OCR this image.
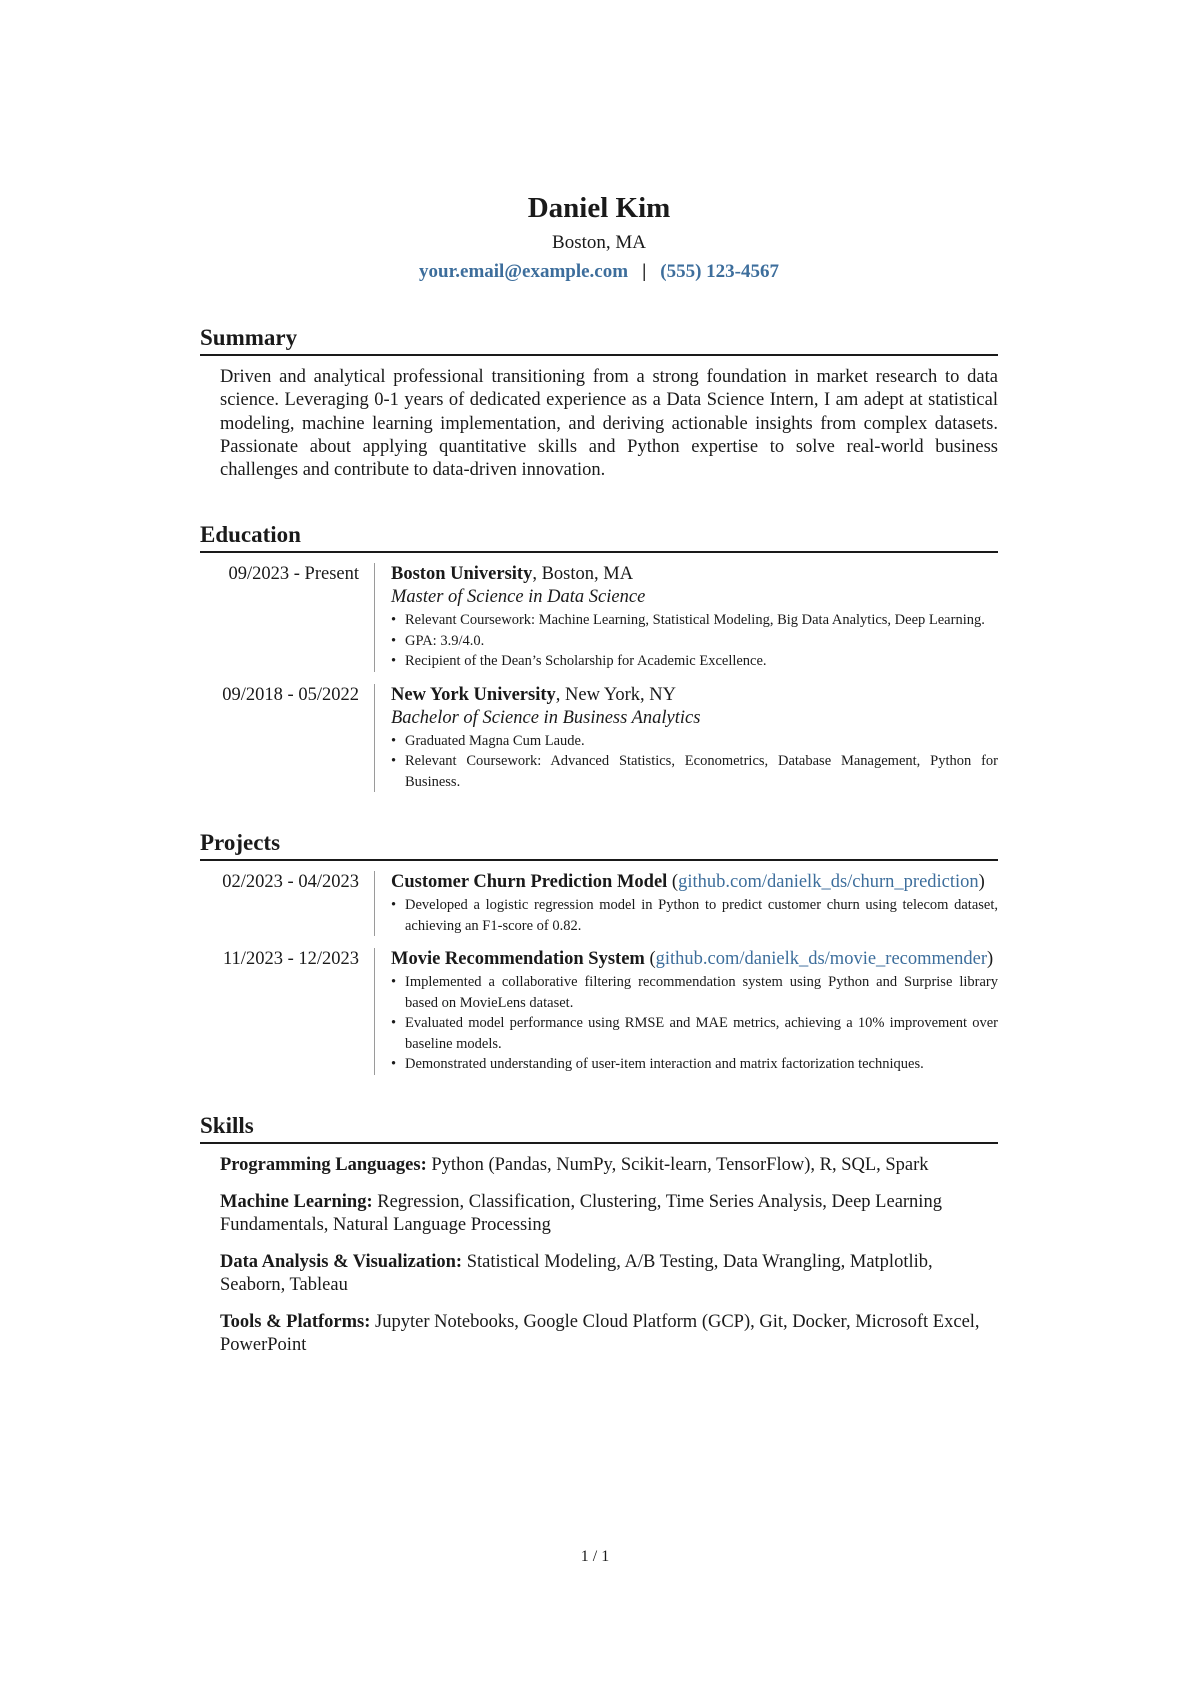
Daniel Kim
Boston, MA
your.email@example.com | (555) 123-4567
Summary

Driven and analytical professional transitioning from a strong foundation in market research to data science. Leveraging 0-1 years of dedicated experience as a Data Science Intern, I am adept at statistical modeling, machine learning implementation, and deriving actionable insights from complex datasets. Passionate about applying quantitative skills and Python expertise to solve real-world business challenges and contribute to data-driven innovation.

Education
09/2023 - Present	Boston University, Boston, MA
Master of Science in Data Science
• Relevant Coursework: Machine Learning, Statistical Modeling, Big Data Analytics, Deep Learning.
• GPA: 3.9/4.0.
• Recipient of the Dean’s Scholarship for Academic Excellence.
09/2018 - 05/2022	New York University, New York, NY
Bachelor of Science in Business Analytics
• Graduated Magna Cum Laude.
• Relevant Coursework: Advanced Statistics, Econometrics, Database Management, Python for Business.
Projects
02/2023 - 04/2023	Customer Churn Prediction Model (github.com/danielk_ds/churn_prediction)
• Developed a logistic regression model in Python to predict customer churn using telecom dataset, achieving an F1-score of 0.82.
11/2023 - 12/2023	Movie Recommendation System (github.com/danielk_ds/movie_recommender)
• Implemented a collaborative filtering recommendation system using Python and Surprise library based on MovieLens dataset.
• Evaluated model performance using RMSE and MAE metrics, achieving a 10% improvement over baseline models.
• Demonstrated understanding of user-item interaction and matrix factorization techniques.
Skills
Programming Languages: Python (Pandas, NumPy, Scikit-learn, TensorFlow), R, SQL, Spark
Machine Learning: Regression, Classification, Clustering, Time Series Analysis, Deep Learning Fundamentals, Natural Language Processing
Data Analysis & Visualization: Statistical Modeling, A/B Testing, Data Wrangling, Matplotlib, Seaborn, Tableau
Tools & Platforms: Jupyter Notebooks, Google Cloud Platform (GCP), Git, Docker, Microsoft Excel, PowerPoint
1 / 1
